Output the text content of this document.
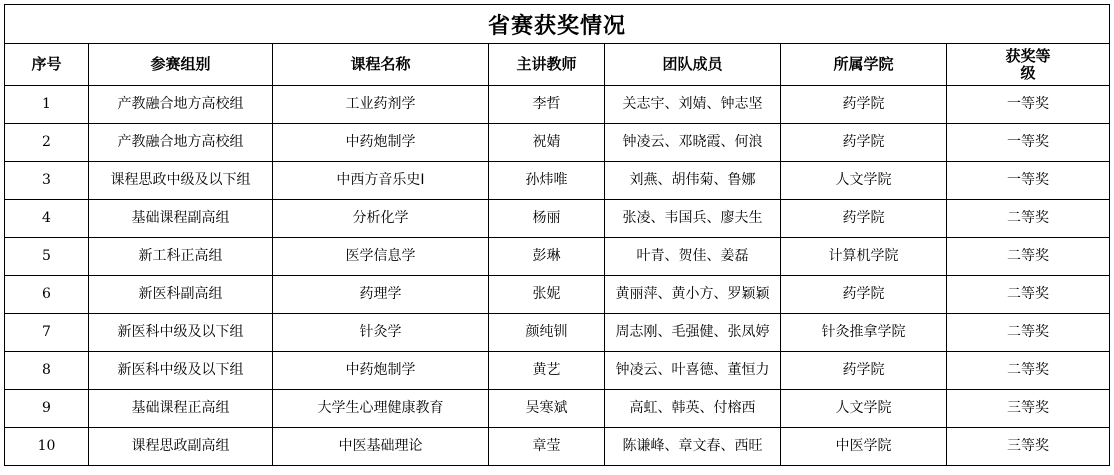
省赛获奖情况						
序号	参赛组别	课程名称	主讲教师	团队成员	所属学院	获奖等级
1	产教融合地方高校组	工业药剂学	李哲	关志宇、刘婧、钟志坚	药学院	一等奖
2	产教融合地方高校组	中药炮制学	祝婧	钟凌云、邓晓霞、何浪	药学院	一等奖
3	课程思政中级及以下组	中西方音乐史Ⅰ	孙炜唯	刘燕、胡伟菊、鲁娜	人文学院	一等奖
4	基础课程副高组	分析化学	杨丽	张凌、韦国兵、廖夫生	药学院	二等奖
5	新工科正高组	医学信息学	彭琳	叶青、贺佳、姜磊	计算机学院	二等奖
6	新医科副高组	药理学	张妮	黄丽萍、黄小方、罗颖颖	药学院	二等奖
7	新医科中级及以下组	针灸学	颜纯钏	周志刚、毛强健、张凤婷	针灸推拿学院	二等奖
8	新医科中级及以下组	中药炮制学	黄艺	钟凌云、叶喜德、董恒力	药学院	二等奖
9	基础课程正高组	大学生心理健康教育	吴寒斌	高虹、韩英、付榕西	人文学院	三等奖
10	课程思政副高组	中医基础理论	章莹	陈谦峰、章文春、西旺	中医学院	三等奖
